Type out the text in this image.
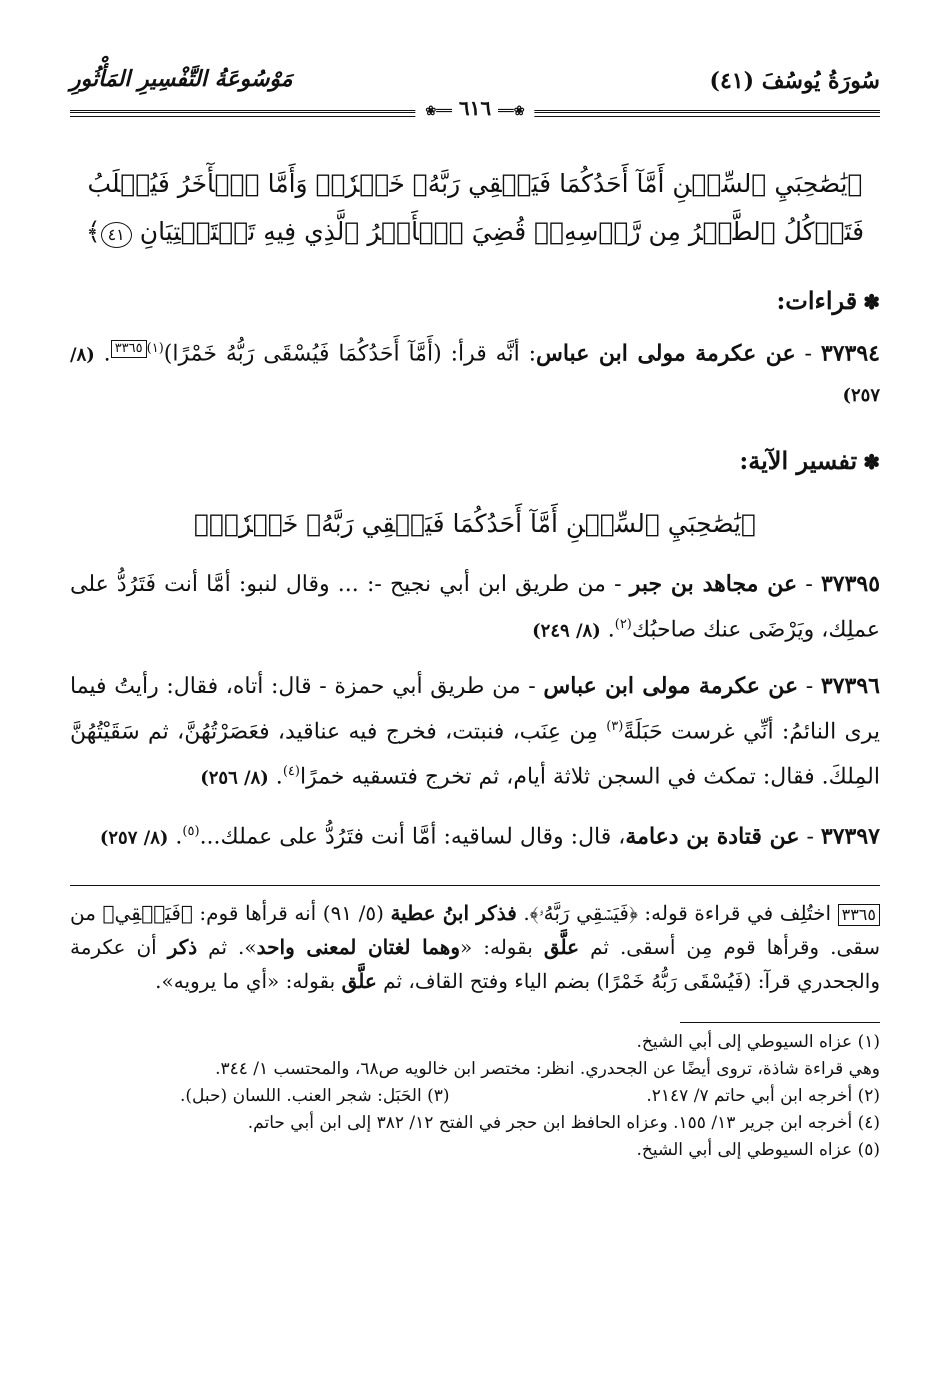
سُورَةُ يُوسُفَ (٤١)
مَوْسُوعَةُ التَّفْسِيرِ المَأْثُورِ
❀══ ٦١٦ ══❀
﴿يَٰصَٰحِبَيِ ٱلسِّجۡنِ أَمَّآ أَحَدُكُمَا فَيَسۡقِي رَبَّهُۥ خَمۡرٗاۖ وَأَمَّا ٱلۡأٓخَرُ فَيُصۡلَبُ
فَتَأۡكُلُ ٱلطَّيۡرُ مِن رَّأۡسِهِۦۚ قُضِيَ ٱلۡأَمۡرُ ٱلَّذِي فِيهِ تَسۡتَفۡتِيَانِ ٤١﴾
✽قراءات:
٣٧٣٩٤ - عن عكرمة مولى ابن عباس: أنَّه قرأ: (أَمَّآ أَحَدُكُمَا فَيُسْقَى رَبُّهُ خَمْرًا)$^{(١)}$٣٣٦٥. (٨/ ٢٥٧)
✽تفسير الآية:
﴿يَٰصَٰحِبَيِ ٱلسِّجۡنِ أَمَّآ أَحَدُكُمَا فَيَسۡقِي رَبَّهُۥ خَمۡرٗاۖ﴾
٣٧٣٩٥ - عن مجاهد بن جبر - من طريق ابن أبي نجيح -: ... وقال لنبو: أمَّا أنت فَتَرُدُّ على عملِك، ويَرْضَى عنك صاحبُك$^{(٢)}$. (٨/ ٢٤٩)
٣٧٣٩٦ - عن عكرمة مولى ابن عباس - من طريق أبي حمزة - قال: أتاه، فقال: رأيتُ فيما يرى النائمُ: أنِّي غرست حَبَلَةً$^{(٣)}$ مِن عِنَب، فنبتت، فخرج فيه عناقيد، فعَصَرْتُهُنَّ، ثم سَقَيْتُهُنَّ المِلكَ. فقال: تمكث في السجن ثلاثة أيام، ثم تخرج فتسقيه خمرًا$^{(٤)}$. (٨/ ٢٥٦)
٣٧٣٩٧ - عن قتادة بن دعامة، قال: وقال لساقيه: أمَّا أنت فتَرُدُّ على عملك...$^{(٥)}$. (٨/ ٢٥٧)
٣٣٦٥ اختُلِف في قراءة قوله: ﴿فَيَسۡقِي رَبَّهُۥ﴾. فذكر ابنُ عطية (٥/ ٩١) أنه قرأها قوم: ﴿فَيَسۡقِي﴾ من سقى. وقرأها قوم مِن أسقى. ثم علَّق بقوله: «وهما لغتان لمعنى واحد». ثم ذكر أن عكرمة والجحدري قرآ: (فَيُسْقَى رَبُّهُ خَمْرًا) بضم الياء وفتح القاف، ثم علَّق بقوله: «أي ما يرويه».
(١) عزاه السيوطي إلى أبي الشيخ.
وهي قراءة شاذة، تروى أيضًا عن الجحدري. انظر: مختصر ابن خالويه ص٦٨، والمحتسب ١/ ٣٤٤.
(٢) أخرجه ابن أبي حاتم ٧/ ٢١٤٧.
(٣) الحَبَل: شجر العنب. اللسان (حبل).
(٤) أخرجه ابن جرير ١٣/ ١٥٥. وعزاه الحافظ ابن حجر في الفتح ١٢/ ٣٨٢ إلى ابن أبي حاتم.
(٥) عزاه السيوطي إلى أبي الشيخ.
